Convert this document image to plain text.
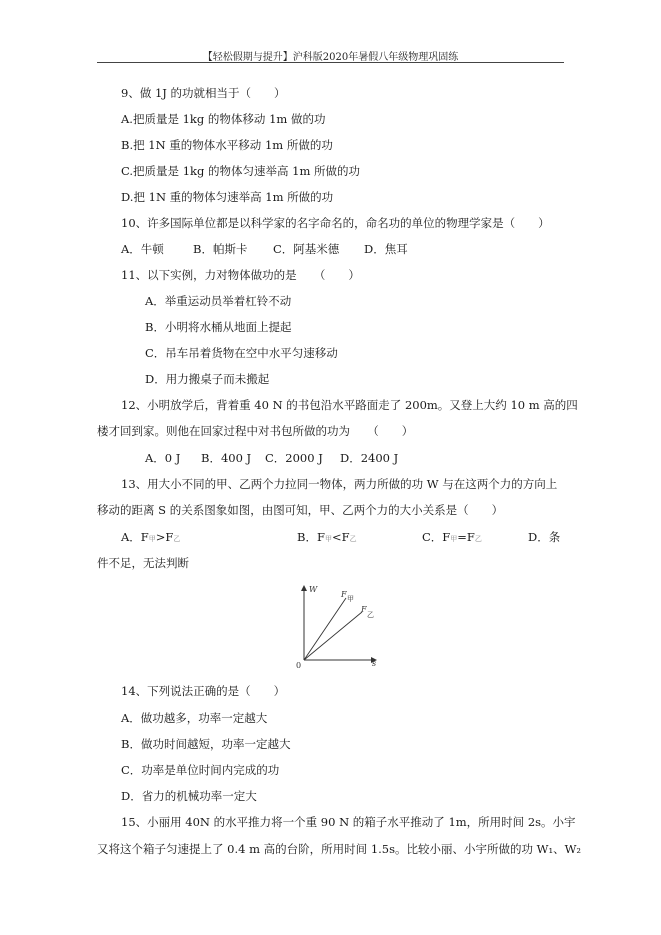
【轻松假期与提升】沪科版2020年暑假八年级物理巩固练
9、做 1J 的功就相当于（　　）
A.把质量是 1kg 的物体移动 1m 做的功
B.把 1N 重的物体水平移动 1m 所做的功
C.把质量是 1kg 的物体匀速举高 1m 所做的功
D.把 1N 重的物体匀速举高 1m 所做的功
10、许多国际单位都是以科学家的名字命名的，命名功的单位的物理学家是（　　）
A．牛顿	B．帕斯卡 C．阿基米德 D．焦耳
11、以下实例，力对物体做功的是　　（　　）
A．举重运动员举着杠铃不动
B．小明将水桶从地面上提起
C．吊车吊着货物在空中水平匀速移动
D．用力搬桌子而未搬起
12、小明放学后，背着重 40 N 的书包沿水平路面走了 200m。又登上大约 10 m 高的四
楼才回到家。则他在回家过程中对书包所做的功为　　（　　）
A．0 J B．400 J C．2000 J D．2400 J
13、用大小不同的甲、乙两个力拉同一物体，两力所做的功 W 与在这两个力的方向上
移动的距离 S 的关系图象如图，由图可知，甲、乙两个力的大小关系是（　　）
A．F甲>F乙	B．F甲<F乙	C．F甲=F乙	D．条
件不足，无法判断
W
s
0
F 甲
F
乙
14、下列说法正确的是（　　）
A．做功越多，功率一定越大
B．做功时间越短，功率一定越大
C．功率是单位时间内完成的功
D．省力的机械功率一定大
15、小丽用 40N 的水平推力将一个重 90 N 的箱子水平推动了 1m，所用时间 2s。小宇
又将这个箱子匀速提上了 0.4 m 高的台阶，所用时间 1.5s。比较小丽、小宇所做的功 W₁、W₂
